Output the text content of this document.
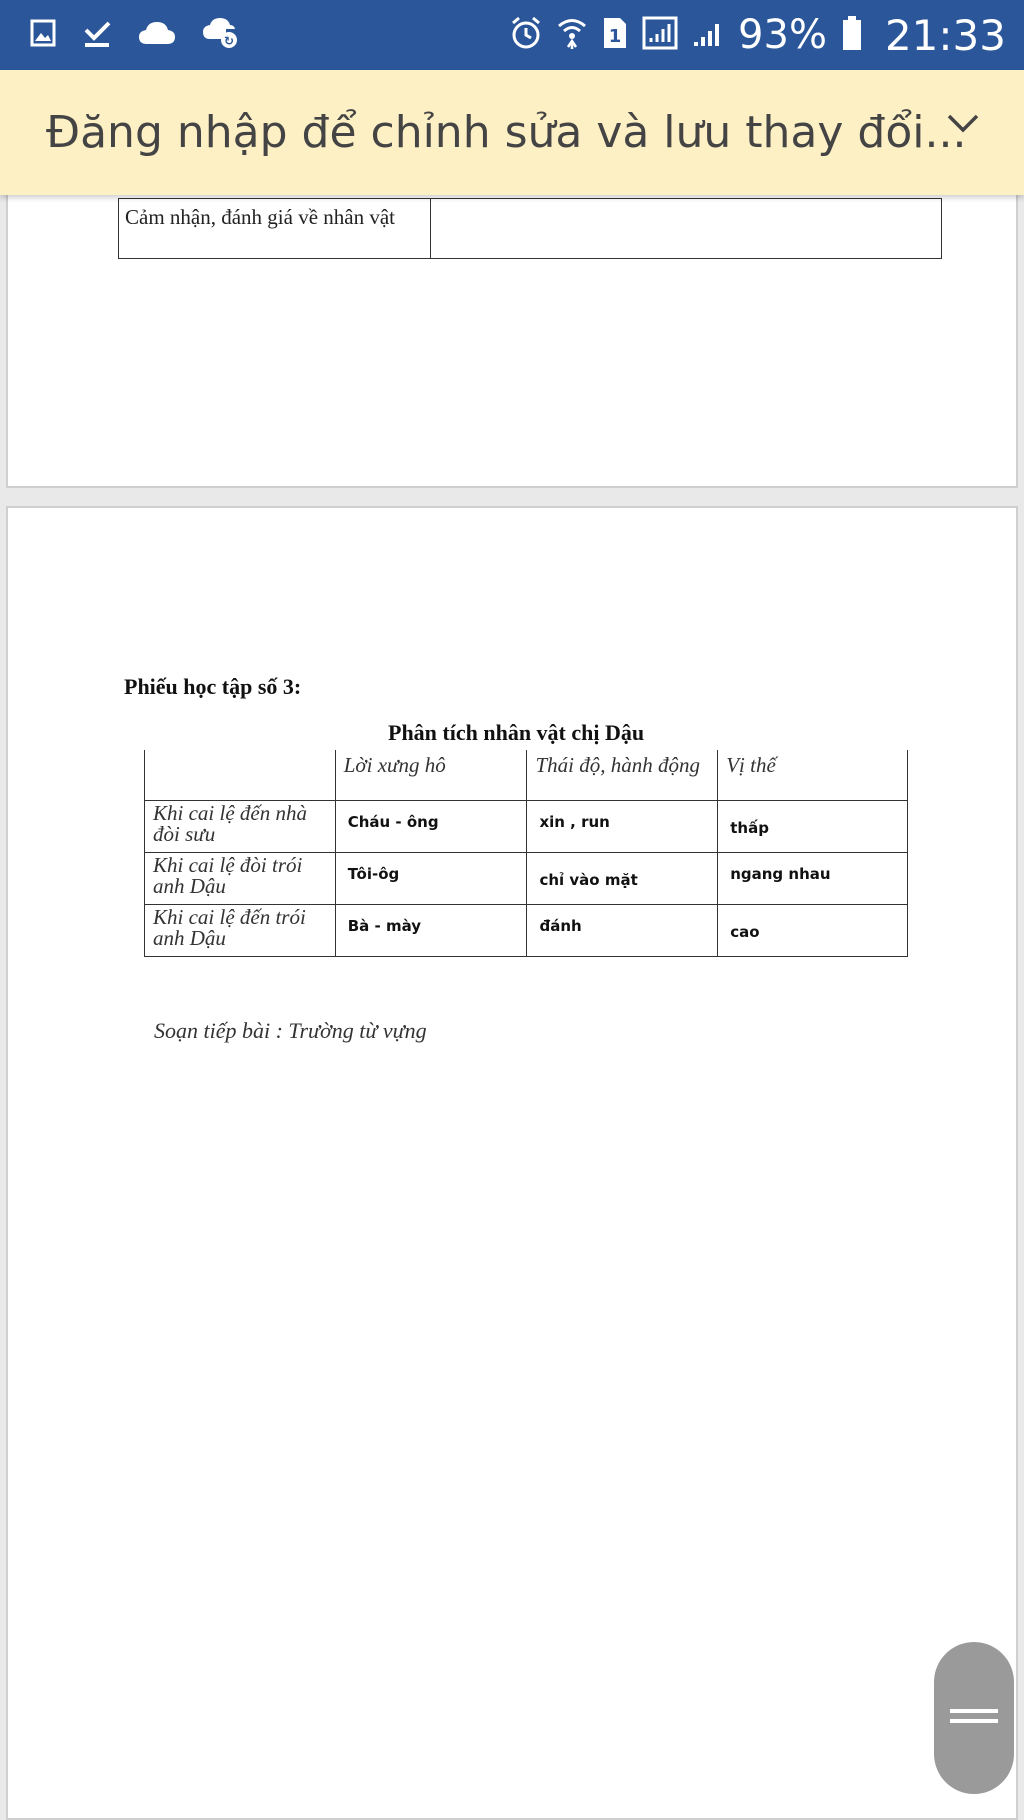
↻	1	93% 21:33
Đăng nhập để chỉnh sửa và lưu thay đổi...
Cảm nhận, đánh giá về nhân vật	
Phiếu học tập số 3:
Phân tích nhân vật chị Dậu
	Lời xưng hô	Thái độ, hành động	Vị thế
Khi cai lệ đến nhà đòi sưu	Cháu - ông	xin , run	thấp
Khi cai lệ đòi trói anh Dậu	Tôi-ôg	chỉ vào mặt	ngang nhau
Khi cai lệ đến trói anh Dậu	Bà - mày	đánh	cao
Soạn tiếp bài : Trường từ vựng
